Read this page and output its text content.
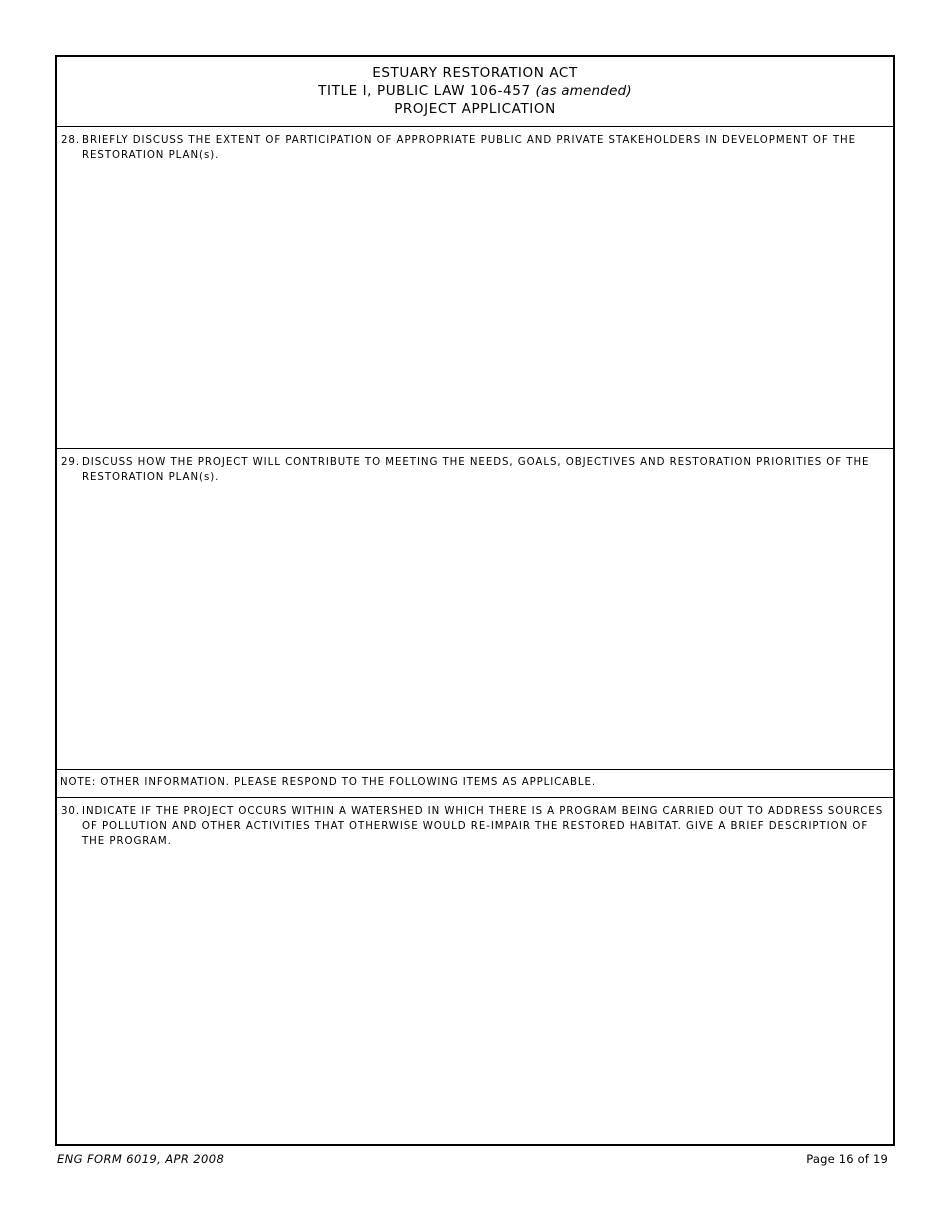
ESTUARY RESTORATION ACT
TITLE I, PUBLIC LAW 106-457 (as amended)
PROJECT APPLICATION
28. BRIEFLY DISCUSS THE EXTENT OF PARTICIPATION OF APPROPRIATE PUBLIC AND PRIVATE STAKEHOLDERS IN DEVELOPMENT OF THE RESTORATION PLAN(s).
29. DISCUSS HOW THE PROJECT WILL CONTRIBUTE TO MEETING THE NEEDS, GOALS, OBJECTIVES AND RESTORATION PRIORITIES OF THE RESTORATION PLAN(s).
NOTE: OTHER INFORMATION. PLEASE RESPOND TO THE FOLLOWING ITEMS AS APPLICABLE.
30. INDICATE IF THE PROJECT OCCURS WITHIN A WATERSHED IN WHICH THERE IS A PROGRAM BEING CARRIED OUT TO ADDRESS SOURCES OF POLLUTION AND OTHER ACTIVITIES THAT OTHERWISE WOULD RE-IMPAIR THE RESTORED HABITAT. GIVE A BRIEF DESCRIPTION OF THE PROGRAM.
ENG FORM 6019, APR 2008	Page 16 of 19
